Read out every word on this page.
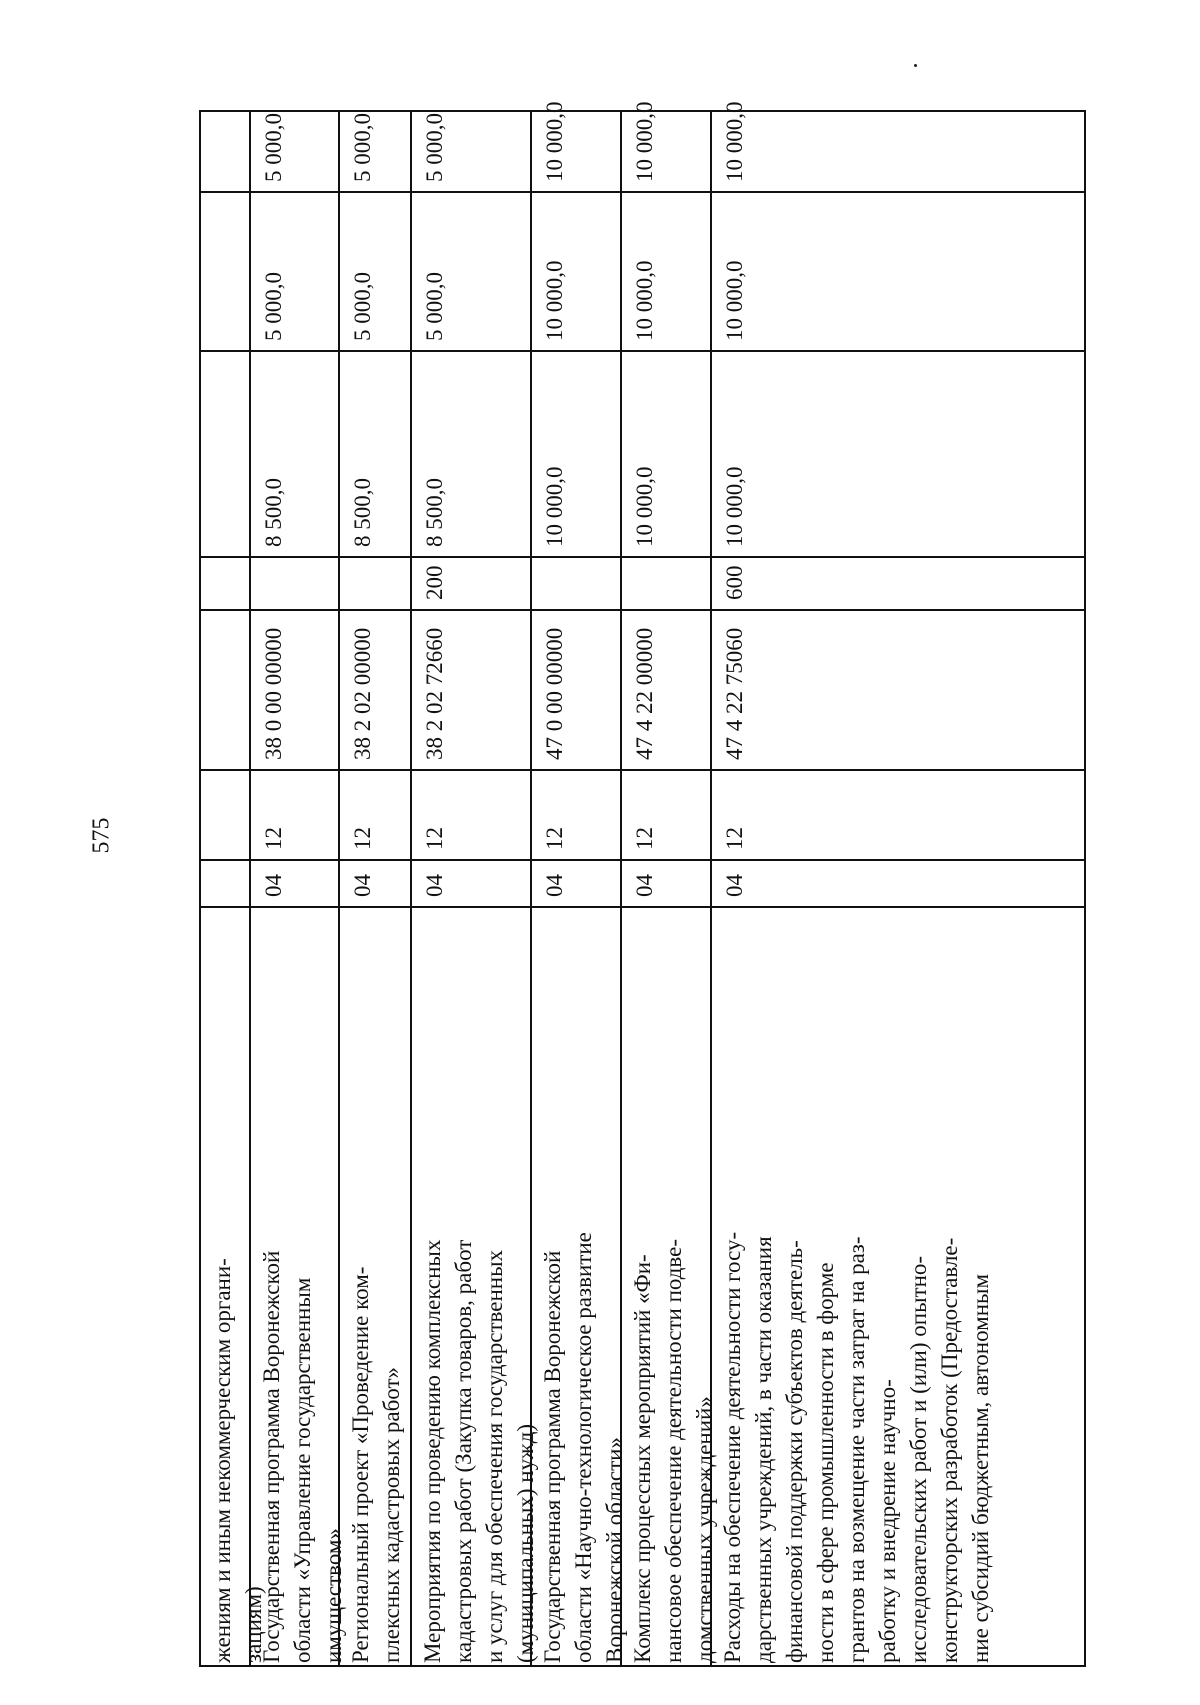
575
жениям и иным некоммерческим органи-
зациям)
Государственная программа Воронежской
области «Управление государственным
имуществом»
04
12
38 0 00 00000
8 500,0
5 000,0
5 000,0
Региональный проект «Проведение ком-
плексных кадастровых работ»
04
12
38 2 02 00000
8 500,0
5 000,0
5 000,0
Мероприятия по проведению комплексных
кадастровых работ (Закупка товаров, работ
и услуг для обеспечения государственных
(муниципальных) нужд)
04
12
38 2 02 72660
200
8 500,0
5 000,0
5 000,0
Государственная программа Воронежской
области «Научно-технологическое развитие
Воронежской области»
04
12
47 0 00 00000
10 000,0
10 000,0
10 000,0
Комплекс процессных мероприятий «Фи-
нансовое обеспечение деятельности подве-
домственных учреждений»
04
12
47 4 22 00000
10 000,0
10 000,0
10 000,0
Расходы на обеспечение деятельности госу-
дарственных учреждений, в части оказания
финансовой поддержки субъектов деятель-
ности в сфере промышленности в форме
грантов на возмещение части затрат на раз-
работку и внедрение научно-
исследовательских работ и (или) опытно-
конструкторских разработок (Предоставле-
ние субсидий бюджетным, автономным
04
12
47 4 22 75060
600
10 000,0
10 000,0
10 000,0
